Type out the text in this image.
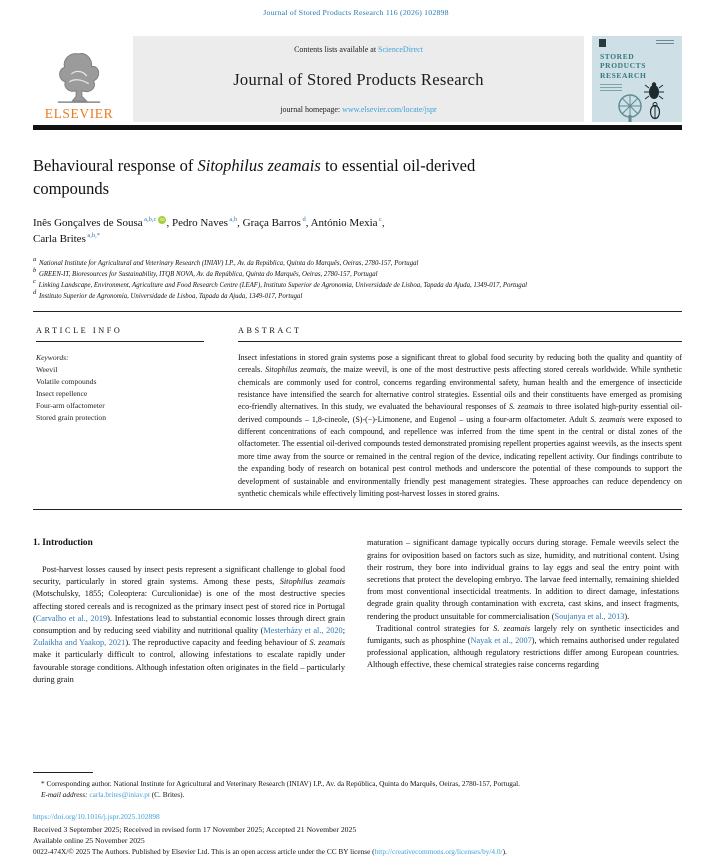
Journal of Stored Products Research 116 (2026) 102898
ELSEVIER
Contents lists available at ScienceDirect
Journal of Stored Products Research
journal homepage: www.elsevier.com/locate/jspr
STORED
PRODUCTS
RESEARCH
Behavioural response of Sitophilus zeamais to essential oil-derived compounds
Inês Gonçalves de Sousa $^{a,b,c}$ iD , Pedro Naves $^{a,b}$, Graça Barros $^d$, António Mexia $^c$,
Carla Brites $^{a,b,*}$
$^a$ National Institute for Agricultural and Veterinary Research (INIAV) I.P., Av. da República, Quinta do Marquês, Oeiras, 2780-157, Portugal
$^b$ GREEN-IT, Bioresources for Sustainability, ITQB NOVA, Av. da República, Quinta do Marquês, Oeiras, 2780-157, Portugal
$^c$ Linking Landscape, Environment, Agriculture and Food Research Centre (LEAF), Instituto Superior de Agronomia, Universidade de Lisboa, Tapada da Ajuda, 1349-017, Portugal
$^d$ Instituto Superior de Agronomia, Universidade de Lisboa, Tapada da Ajuda, 1349-017, Portugal
ARTICLE INFO
Keywords:
Weevil
Volatile compounds
Insect repellence
Four-arm olfactometer
Stored grain protection
ABSTRACT
Insect infestations in stored grain systems pose a significant threat to global food security by reducing both the quality and quantity of cereals. Sitophilus zeamais, the maize weevil, is one of the most destructive pests affecting stored cereals worldwide. While synthetic chemicals are commonly used for control, concerns regarding environmental safety, human health and the emergence of insecticide resistance have intensified the search for alternative control strategies. Essential oils and their constituents have emerged as promising eco-friendly alternatives. In this study, we evaluated the behavioural responses of S. zeamais to three isolated high-purity essential oil-derived compounds – 1,8-cineole, (S)-(−)-Limonene, and Eugenol – using a four-arm olfactometer. Adult S. zeamais were exposed to different concentrations of each compound, and repellence was inferred from the time spent in the central or distal zones of the olfactometer. The essential oil-derived compounds tested demonstrated promising repellent properties against weevils, as the insects spent more time away from the source or remained in the central region of the device, indicating repellent activity. Our findings contribute to the expanding body of research on botanical pest control methods and underscore the potential of these compounds to support the development of sustainable and environmentally friendly pest management strategies. These approaches can reduce dependency on synthetic chemicals while effectively limiting post-harvest losses in stored grains.
1. Introduction

Post-harvest losses caused by insect pests represent a significant challenge to global food security, particularly in stored grain systems. Among these pests, Sitophilus zeamais (Motschulsky, 1855; Coleoptera: Curculionidae) is one of the most destructive species affecting stored cereals and is recognized as the primary insect pest of stored rice in Portugal (Carvalho et al., 2019). Infestations lead to substantial economic losses through direct grain consumption and by reducing seed viability and nutritional quality (Mesterházy et al., 2020; Zulaikha and Yaakop, 2021). The reproductive capacity and feeding behaviour of S. zeamais make it particularly difficult to control, allowing infestations to escalate rapidly under favourable storage conditions. Although infestation often originates in the field – particularly during grain

maturation – significant damage typically occurs during storage. Female weevils select the grains for oviposition based on factors such as size, humidity, and nutritional content. Using their rostrum, they bore into individual grains to lay eggs and seal the entry point with secretions that protect the developing embryo. The larvae feed internally, remaining shielded from most conventional insecticidal treatments. In addition to direct damage, infestations degrade grain quality through contamination with excreta, cast skins, and insect fragments, rendering the product unsuitable for commercialisation (Soujanya et al., 2013).

Traditional control strategies for S. zeamais largely rely on synthetic insecticides and fumigants, such as phosphine (Nayak et al., 2007), which remains authorised under regulated professional application, although regulatory restrictions differ among European countries. Although effective, these chemical strategies raise concerns regarding

* Corresponding author. National Institute for Agricultural and Veterinary Research (INIAV) I.P., Av. da República, Quinta do Marquês, Oeiras, 2780-157, Portugal.
E-mail address: carla.brites@iniav.pt (C. Brites).
https://doi.org/10.1016/j.jspr.2025.102898
Received 3 September 2025; Received in revised form 17 November 2025; Accepted 21 November 2025
Available online 25 November 2025
0022-474X/© 2025 The Authors. Published by Elsevier Ltd. This is an open access article under the CC BY license (http://creativecommons.org/licenses/by/4.0/).
